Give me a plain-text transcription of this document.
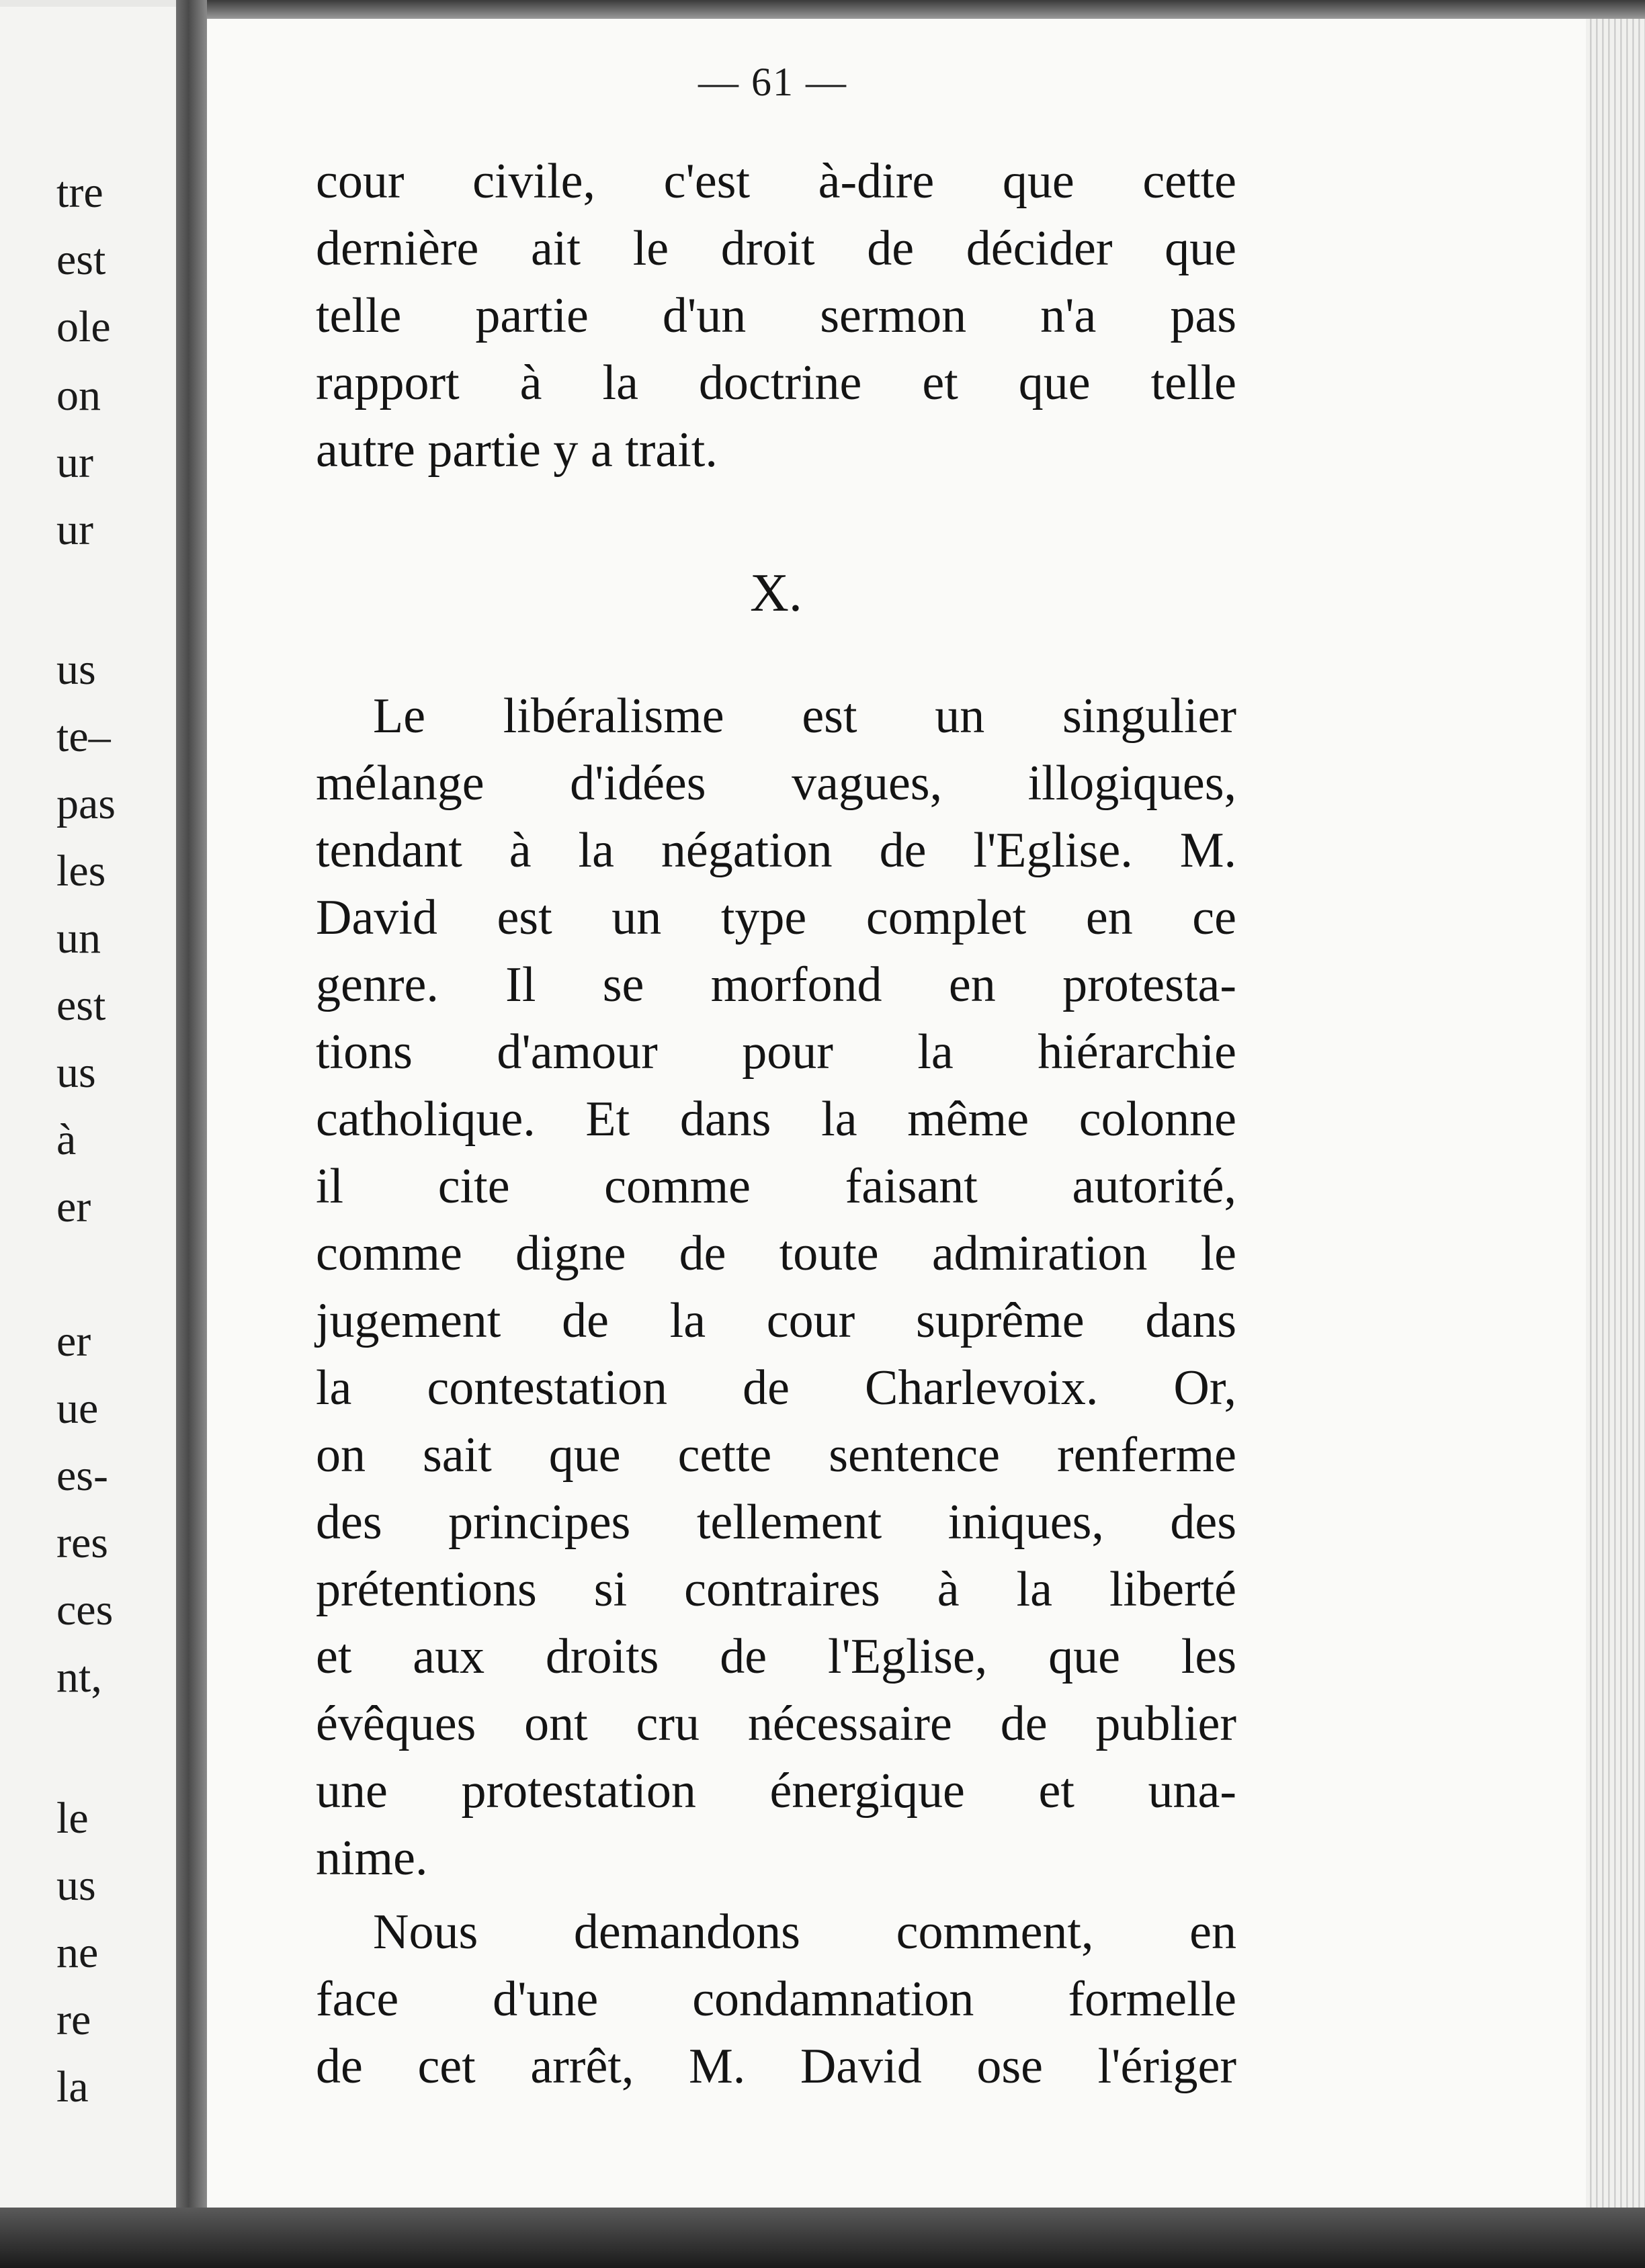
tre
est
ole
on
ur
ur
us
te–
pas
les
un
est
us
à
er
er
ue
es-
res
ces
nt,
le
us
ne
re
la
— 61 —
cour civile, c'est à-dire que cette
dernière ait le droit de décider que
telle partie d'un sermon n'a pas
rapport à la doctrine et que telle
autre partie y a trait.
X.
Le libéralisme est un singulier
mélange d'idées vagues, illogiques,
tendant à la négation de l'Eglise. M.
David est un type complet en ce
genre. Il se morfond en protesta-
tions d'amour pour la hiérarchie
catholique. Et dans la même colonne
il cite comme faisant autorité,
comme digne de toute admiration le
jugement de la cour suprême dans
la contestation de Charlevoix. Or,
on sait que cette sentence renferme
des principes tellement iniques, des
prétentions si contraires à la liberté
et aux droits de l'Eglise, que les
évêques ont cru nécessaire de publier
une protestation énergique et una-
nime.
Nous demandons comment, en
face d'une condamnation formelle
de cet arrêt, M. David ose l'ériger
